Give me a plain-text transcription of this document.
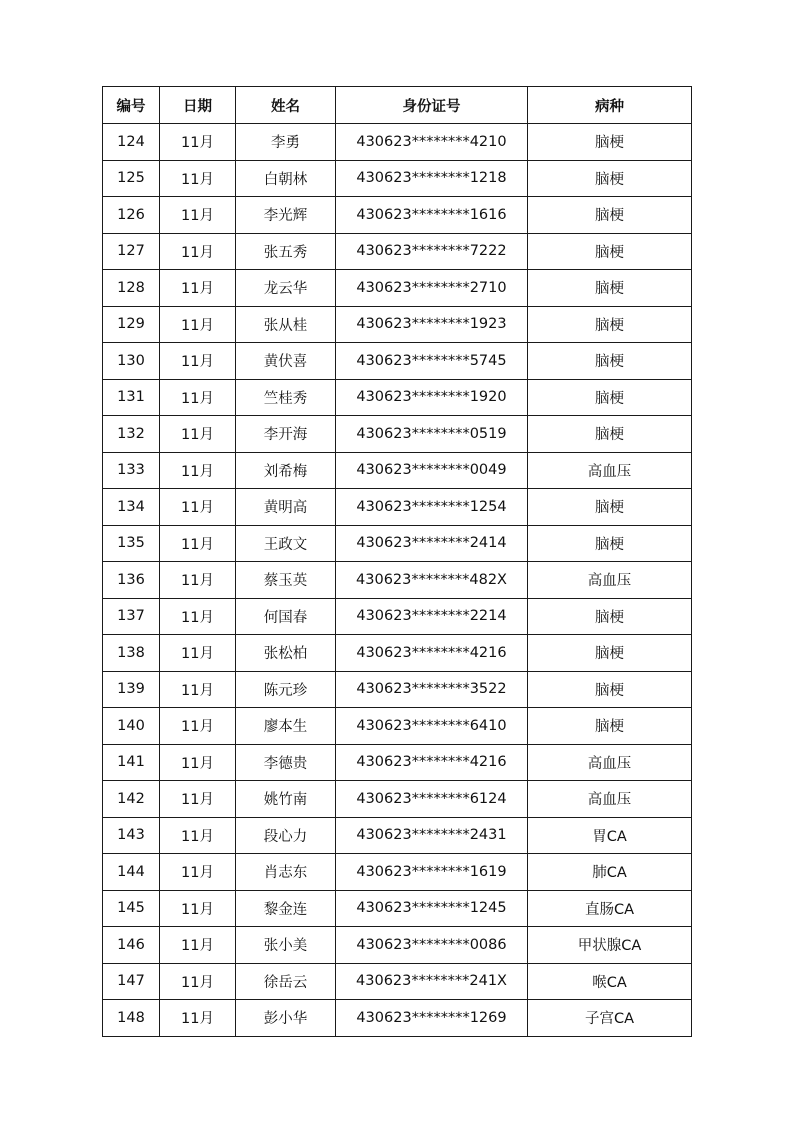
编号	日期	姓名	身份证号	病种
124	11月	李勇	430623********4210	脑梗
125	11月	白朝林	430623********1218	脑梗
126	11月	李光辉	430623********1616	脑梗
127	11月	张五秀	430623********7222	脑梗
128	11月	龙云华	430623********2710	脑梗
129	11月	张从桂	430623********1923	脑梗
130	11月	黄伏喜	430623********5745	脑梗
131	11月	竺桂秀	430623********1920	脑梗
132	11月	李开海	430623********0519	脑梗
133	11月	刘希梅	430623********0049	高血压
134	11月	黄明高	430623********1254	脑梗
135	11月	王政文	430623********2414	脑梗
136	11月	蔡玉英	430623********482X	高血压
137	11月	何国春	430623********2214	脑梗
138	11月	张松柏	430623********4216	脑梗
139	11月	陈元珍	430623********3522	脑梗
140	11月	廖本生	430623********6410	脑梗
141	11月	李德贵	430623********4216	高血压
142	11月	姚竹南	430623********6124	高血压
143	11月	段心力	430623********2431	胃CA
144	11月	肖志东	430623********1619	肺CA
145	11月	黎金连	430623********1245	直肠CA
146	11月	张小美	430623********0086	甲状腺CA
147	11月	徐岳云	430623********241X	喉CA
148	11月	彭小华	430623********1269	子宫CA
